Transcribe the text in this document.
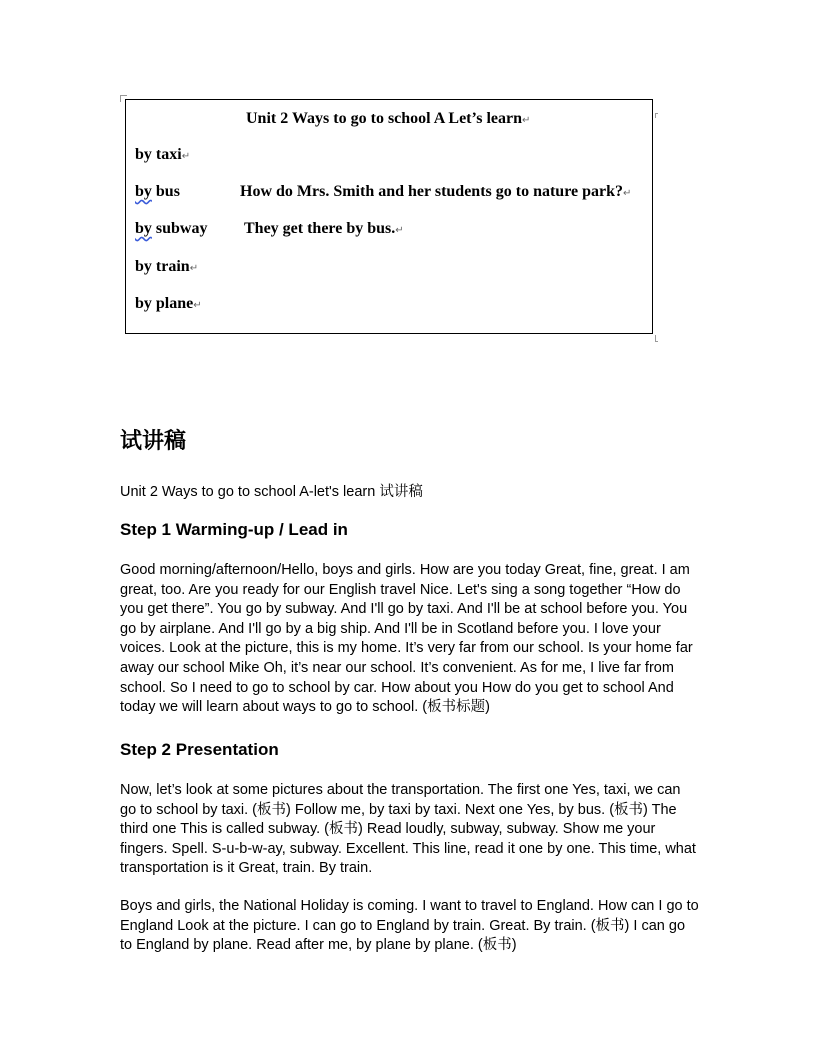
Unit 2 Ways to go to school A Let’s learn↵
by taxi↵
by bus	How do Mrs. Smith and her students go to nature park?↵
by subway They get there by bus.↵
by train↵
by plane↵
试讲稿
Unit 2 Ways to go to school A-let's learn 试讲稿
Step 1 Warming-up / Lead in

Good morning/afternoon/Hello, boys and girls. How are you today Great, fine, great. I am great, too. Are you ready for our English travel Nice. Let's sing a song together “How do you get there”. You go by subway. And I'll go by taxi. And I'll be at school before you. You go by airplane. And I'll go by a big ship. And I'll be in Scotland before you. I love your voices. Look at the picture, this is my home. It’s very far from our school. Is your home far away our school Mike Oh, it’s near our school. It’s convenient. As for me, I live far from school. So I need to go to school by car. How about you How do you get to school And today we will learn about ways to go to school. (板书标题)

Step 2 Presentation

Now, let’s look at some pictures about the transportation. The first one Yes, taxi, we can go to school by taxi. (板书) Follow me, by taxi by taxi. Next one Yes, by bus. (板书) The third one This is called subway. (板书) Read loudly, subway, subway. Show me your fingers. Spell. S-u-b-w-ay, subway. Excellent. This line, read it one by one. This time, what transportation is it Great, train. By train.

Boys and girls, the National Holiday is coming. I want to travel to England. How can I go to England Look at the picture. I can go to England by train. Great. By train. (板书) I can go to England by plane. Read after me, by plane by plane. (板书)
